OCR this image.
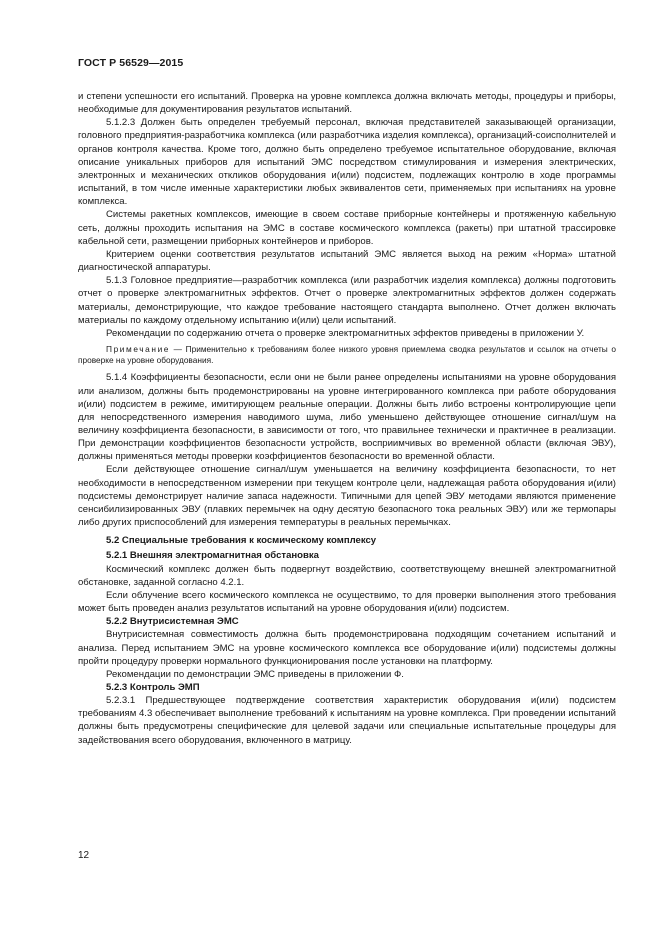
ГОСТ Р 56529—2015

и степени успешности его испытаний. Проверка на уровне комплекса должна включать методы, процедуры и приборы, необходимые для документирования результатов испытаний.

5.1.2.3 Должен быть определен требуемый персонал, включая представителей заказывающей организации, головного предприятия-разработчика комплекса (или разработчика изделия комплекса), организаций-соисполнителей и органов контроля качества. Кроме того, должно быть определено требуемое испытательное оборудование, включая описание уникальных приборов для испытаний ЭМС посредством стимулирования и измерения электрических, электронных и механических откликов оборудования и(или) подсистем, подлежащих контролю в ходе программы испытаний, в том числе именные характеристики любых эквивалентов сети, применяемых при испытаниях на уровне комплекса.

Системы ракетных комплексов, имеющие в своем составе приборные контейнеры и протяженную кабельную сеть, должны проходить испытания на ЭМС в составе космического комплекса (ракеты) при штатной трассировке кабельной сети, размещении приборных контейнеров и приборов.

Критерием оценки соответствия результатов испытаний ЭМС является выход на режим «Норма» штатной диагностической аппаратуры.

5.1.3 Головное предприятие—разработчик комплекса (или разработчик изделия комплекса) должны подготовить отчет о проверке электромагнитных эффектов. Отчет о проверке электромагнитных эффектов должен содержать материалы, демонстрирующие, что каждое требование настоящего стандарта выполнено. Отчет должен включать материалы по каждому отдельному испытанию и(или) цели испытаний.

Рекомендации по содержанию отчета о проверке электромагнитных эффектов приведены в приложении У.

Примечание — Применительно к требованиям более низкого уровня приемлема сводка результатов и ссылок на отчеты о проверке на уровне оборудования.

5.1.4 Коэффициенты безопасности, если они не были ранее определены испытаниями на уровне оборудования или анализом, должны быть продемонстрированы на уровне интегрированного комплекса при работе оборудования и(или) подсистем в режиме, имитирующем реальные операции. Должны быть либо встроены контролирующие цепи для непосредственного измерения наводимого шума, либо уменьшено действующее отношение сигнал/шум на величину коэффициента безопасности, в зависимости от того, что правильнее технически и практичнее в реализации. При демонстрации коэффициентов безопасности устройств, восприимчивых во временной области (включая ЭВУ), должны применяться методы проверки коэффициентов безопасности во временной области.

Если действующее отношение сигнал/шум уменьшается на величину коэффициента безопасности, то нет необходимости в непосредственном измерении при текущем контроле цели, надлежащая работа оборудования и(или) подсистемы демонстрирует наличие запаса надежности. Типичными для цепей ЭВУ методами являются применение сенсибилизированных ЭВУ (плавких перемычек на одну десятую безопасного тока реальных ЭВУ) или же термопары либо других приспособлений для измерения температуры в реальных перемычках.

5.2 Специальные требования к космическому комплексу

5.2.1 Внешняя электромагнитная обстановка

Космический комплекс должен быть подвергнут воздействию, соответствующему внешней электромагнитной обстановке, заданной согласно 4.2.1.

Если облучение всего космического комплекса не осуществимо, то для проверки выполнения этого требования может быть проведен анализ результатов испытаний на уровне оборудования и(или) подсистем.

5.2.2 Внутрисистемная ЭМС

Внутрисистемная совместимость должна быть продемонстрирована подходящим сочетанием испытаний и анализа. Перед испытанием ЭМС на уровне космического комплекса все оборудование и(или) подсистемы должны пройти процедуру проверки нормального функционирования после установки на платформу.

Рекомендации по демонстрации ЭМС приведены в приложении Ф.

5.2.3 Контроль ЭМП

5.2.3.1 Предшествующее подтверждение соответствия характеристик оборудования и(или) подсистем требованиям 4.3 обеспечивает выполнение требований к испытаниям на уровне комплекса. При проведении испытаний должны быть предусмотрены специфические для целевой задачи или специальные испытательные процедуры для задействования всего оборудования, включенного в матрицу.

12
